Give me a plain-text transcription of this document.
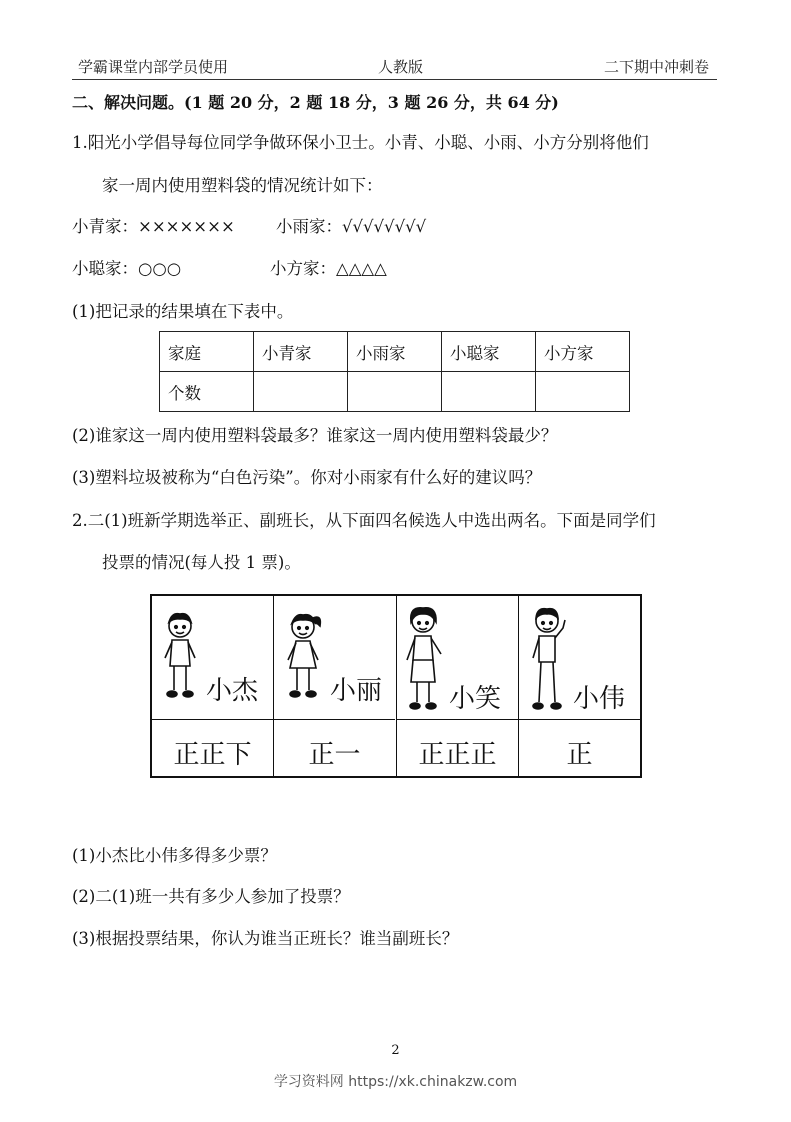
学霸课堂内部学员使用	人教版	二下期中冲刺卷
二、解决问题。(1 题 20 分，2 题 18 分，3 题 26 分，共 64 分)
1.阳光小学倡导每位同学争做环保小卫士。小青、小聪、小雨、小方分别将他们
家一周内使用塑料袋的情况统计如下：
小青家：××××××× 小雨家：√√√√√√√√
小聪家：○○○	小方家：△△△△
(1)把记录的结果填在下表中。
家庭	小青家	小雨家	小聪家	小方家
个数				
(2)谁家这一周内使用塑料袋最多？谁家这一周内使用塑料袋最少？
(3)塑料垃圾被称为“白色污染”。你对小雨家有什么好的建议吗？
2.二(1)班新学期选举正、副班长，从下面四名候选人中选出两名。下面是同学们
投票的情况(每人投 1 票)。
小杰	小丽	小笑	小伟
正正下	正一	正正正	正
(1)小杰比小伟多得多少票？
(2)二(1)班一共有多少人参加了投票？
(3)根据投票结果，你认为谁当正班长？谁当副班长？
2
学习资料网 https://xk.chinakzw.com
